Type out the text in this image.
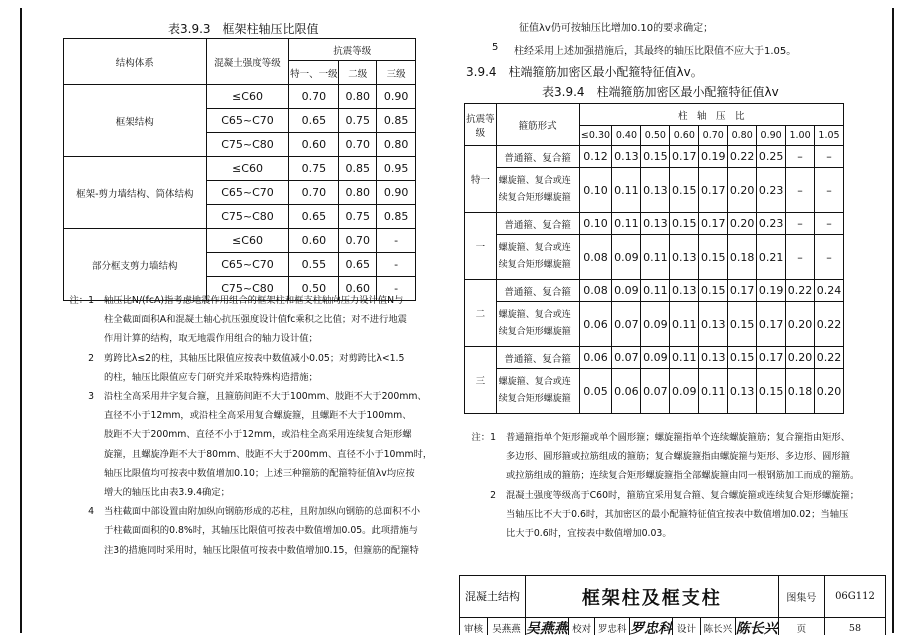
表3.9.3　框架柱轴压比限值
结构体系	混凝土强度等级	抗震等级		
		特一、一级	二级	三级
框架结构	≤C60	0.70	0.80	0.90
	C65~C70	0.65	0.75	0.85
	C75~C80	0.60	0.70	0.80
框架-剪力墙结构、筒体结构	≤C60	0.75	0.85	0.95
	C65~C70	0.70	0.80	0.90
	C75~C80	0.65	0.75	0.85
部分框支剪力墙结构	≤C60	0.60	0.70	-
	C65~C70	0.55	0.65	-
	C75~C80	0.50	0.60	-
注：1	轴压比N/(fcA)指考虑地震作用组合的框架柱和框支柱轴向压力设计值N与
柱全截面面积A和混凝土轴心抗压强度设计值fc乘积之比值；对不进行地震
作用计算的结构，取无地震作用组合的轴力设计值；
2	剪跨比λ≤2的柱，其轴压比限值应按表中数值减小0.05；对剪跨比λ<1.5
的柱，轴压比限值应专门研究并采取特殊构造措施；
3	沿柱全高采用井字复合箍，且箍筋间距不大于100mm、肢距不大于200mm、
直径不小于12mm，或沿柱全高采用复合螺旋箍，且螺距不大于100mm、
肢距不大于200mm、直径不小于12mm，或沿柱全高采用连续复合矩形螺
旋箍，且螺旋净距不大于80mm、肢距不大于200mm、直径不小于10mm时，
轴压比限值均可按表中数值增加0.10；上述三种箍筋的配箍特征值λv均应按
增大的轴压比由表3.9.4确定；
4	当柱截面中部设置由附加纵向钢筋形成的芯柱，且附加纵向钢筋的总面积不小
于柱截面面积的0.8%时，其轴压比限值可按表中数值增加0.05。此项措施与
注3的措施同时采用时，轴压比限值可按表中数值增加0.15，但箍筋的配箍特
征值λv仍可按轴压比增加0.10的要求确定；
5 柱经采用上述加强措施后，其最终的轴压比限值不应大于1.05。
3.9.4　柱端箍筋加密区最小配箍特征值λv。
表3.9.4　柱端箍筋加密区最小配箍特征值λv
抗震等级	箍筋形式	柱　轴　压　比								
		≤0.30	0.40	0.50	0.60	0.70	0.80	0.90	1.00	1.05
特一	普通箍、复合箍	0.12	0.13	0.15	0.17	0.19	0.22	0.25	–	–
	螺旋箍、复合或连续复合矩形螺旋箍	0.10	0.11	0.13	0.15	0.17	0.20	0.23	–	–
一	普通箍、复合箍	0.10	0.11	0.13	0.15	0.17	0.20	0.23	–	–
	螺旋箍、复合或连续复合矩形螺旋箍	0.08	0.09	0.11	0.13	0.15	0.18	0.21	–	–
二	普通箍、复合箍	0.08	0.09	0.11	0.13	0.15	0.17	0.19	0.22	0.24
	螺旋箍、复合或连续复合矩形螺旋箍	0.06	0.07	0.09	0.11	0.13	0.15	0.17	0.20	0.22
三	普通箍、复合箍	0.06	0.07	0.09	0.11	0.13	0.15	0.17	0.20	0.22
	螺旋箍、复合或连续复合矩形螺旋箍	0.05	0.06	0.07	0.09	0.11	0.13	0.15	0.18	0.20
注：1	普通箍指单个矩形箍或单个圆形箍；螺旋箍指单个连续螺旋箍筋；复合箍指由矩形、
多边形、圆形箍或拉筋组成的箍筋；复合螺旋箍指由螺旋箍与矩形、多边形、圆形箍
或拉筋组成的箍筋；连续复合矩形螺旋箍指全部螺旋箍由同一根钢筋加工而成的箍筋。
2	混凝土强度等级高于C60时，箍筋宜采用复合箍、复合螺旋箍或连续复合矩形螺旋箍；
当轴压比不大于0.6时，其加密区的最小配箍特征值宜按表中数值增加0.02；当轴压
比大于0.6时，宜按表中数值增加0.03。
混凝土结构		框架柱及框支柱							图集号	06G112

审核	吴燕燕	吴燕燕	校对	罗忠科	罗忠科	设计	陈长兴	陈长兴	页	58
